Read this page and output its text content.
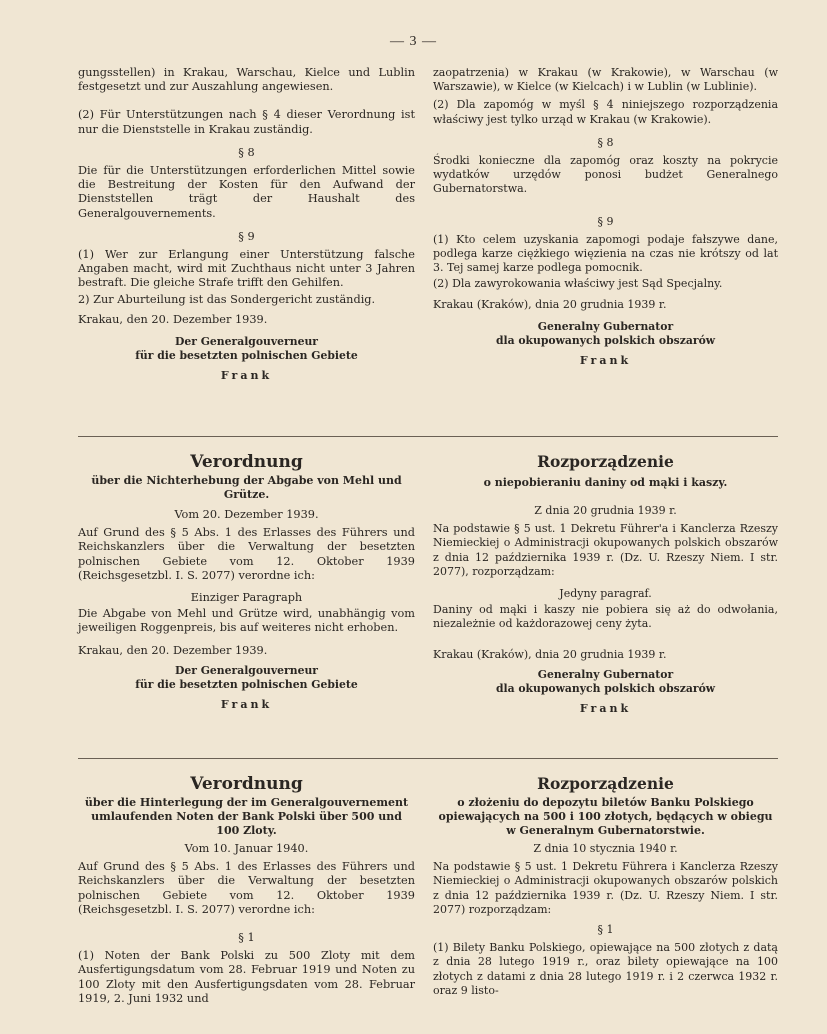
— 3 —

gungsstellen) in Krakau, Warschau, Kielce und Lublin festgesetzt und zur Auszahlung angewiesen.

(2) Für Unterstützungen nach § 4 dieser Verordnung ist nur die Dienststelle in Krakau zuständig.

§ 8

Die für die Unterstützungen erforderlichen Mittel sowie die Bestreitung der Kosten für den Aufwand der Dienststellen trägt der Haushalt des Generalgouvernements.

§ 9

(1) Wer zur Erlangung einer Unterstützung falsche Angaben macht, wird mit Zuchthaus nicht unter 3 Jahren bestraft. Die gleiche Strafe trifft den Gehilfen.

2) Zur Aburteilung ist das Sondergericht zuständig.

Krakau, den 20. Dezember 1939.

Der Generalgouverneur

für die besetzten polnischen Gebiete

Frank

zaopatrzenia) w Krakau (w Krakowie), w Warschau (w Warszawie), w Kielce (w Kielcach) i w Lublin (w Lublinie).

(2) Dla zapomóg w myśl § 4 niniejszego rozporządzenia właściwy jest tylko urząd w Krakau (w Krakowie).

§ 8

Środki konieczne dla zapomóg oraz koszty na pokrycie wydatków urzędów ponosi budżet Generalnego Gubernatorstwa.

§ 9

(1) Kto celem uzyskania zapomogi podaje fałszywe dane, podlega karze ciężkiego więzienia na czas nie krótszy od lat 3. Tej samej karze podlega pomocnik.

(2) Dla zawyrokowania właściwy jest Sąd Specjalny.

Krakau (Kraków), dnia 20 grudnia 1939 r.

Generalny Gubernator

dla okupowanych polskich obszarów

Frank

Verordnung

über die Nichterhebung der Abgabe von Mehl und Grütze.

Vom 20. Dezember 1939.

Auf Grund des § 5 Abs. 1 des Erlasses des Führers und Reichskanzlers über die Verwaltung der besetzten polnischen Gebiete vom 12. Oktober 1939 (Reichsgesetzbl. I. S. 2077) verordne ich:

Einziger Paragraph

Die Abgabe von Mehl und Grütze wird, unabhängig vom jeweiligen Roggenpreis, bis auf weiteres nicht erhoben.

Krakau, den 20. Dezember 1939.

Der Generalgouverneur

für die besetzten polnischen Gebiete

Frank

Rozporządzenie

o niepobieraniu daniny od mąki i kaszy.

Z dnia 20 grudnia 1939 r.

Na podstawie § 5 ust. 1 Dekretu Führer'a i Kanclerza Rzeszy Niemieckiej o Administracji okupowanych polskich obszarów z dnia 12 października 1939 r. (Dz. U. Rzeszy Niem. I str. 2077), rozporządzam:

Jedyny paragraf.

Daniny od mąki i kaszy nie pobiera się aż do odwołania, niezależnie od każdorazowej ceny żyta.

Krakau (Kraków), dnia 20 grudnia 1939 r.

Generalny Gubernator

dla okupowanych polskich obszarów

Frank

Verordnung

über die Hinterlegung der im Generalgouvernement umlaufenden Noten der Bank Polski über 500 und 100 Zloty.

Vom 10. Januar 1940.

Auf Grund des § 5 Abs. 1 des Erlasses des Führers und Reichskanzlers über die Verwaltung der besetzten polnischen Gebiete vom 12. Oktober 1939 (Reichsgesetzbl. I. S. 2077) verordne ich:

§ 1

(1) Noten der Bank Polski zu 500 Zloty mit dem Ausfertigungsdatum vom 28. Februar 1919 und Noten zu 100 Zloty mit den Ausfertigungsdaten vom 28. Februar 1919, 2. Juni 1932 und

Rozporządzenie

o złożeniu do depozytu biletów Banku Polskiego opiewających na 500 i 100 złotych, będących w obiegu w Generalnym Gubernatorstwie.

Z dnia 10 stycznia 1940 r.

Na podstawie § 5 ust. 1 Dekretu Führera i Kanclerza Rzeszy Niemieckiej o Administracji okupowanych obszarów polskich z dnia 12 października 1939 r. (Dz. U. Rzeszy Niem. I str. 2077) rozporządzam:

§ 1

(1) Bilety Banku Polskiego, opiewające na 500 złotych z datą z dnia 28 lutego 1919 r., oraz bilety opiewające na 100 złotych z datami z dnia 28 lutego 1919 r. i 2 czerwca 1932 r. oraz 9 listo-
